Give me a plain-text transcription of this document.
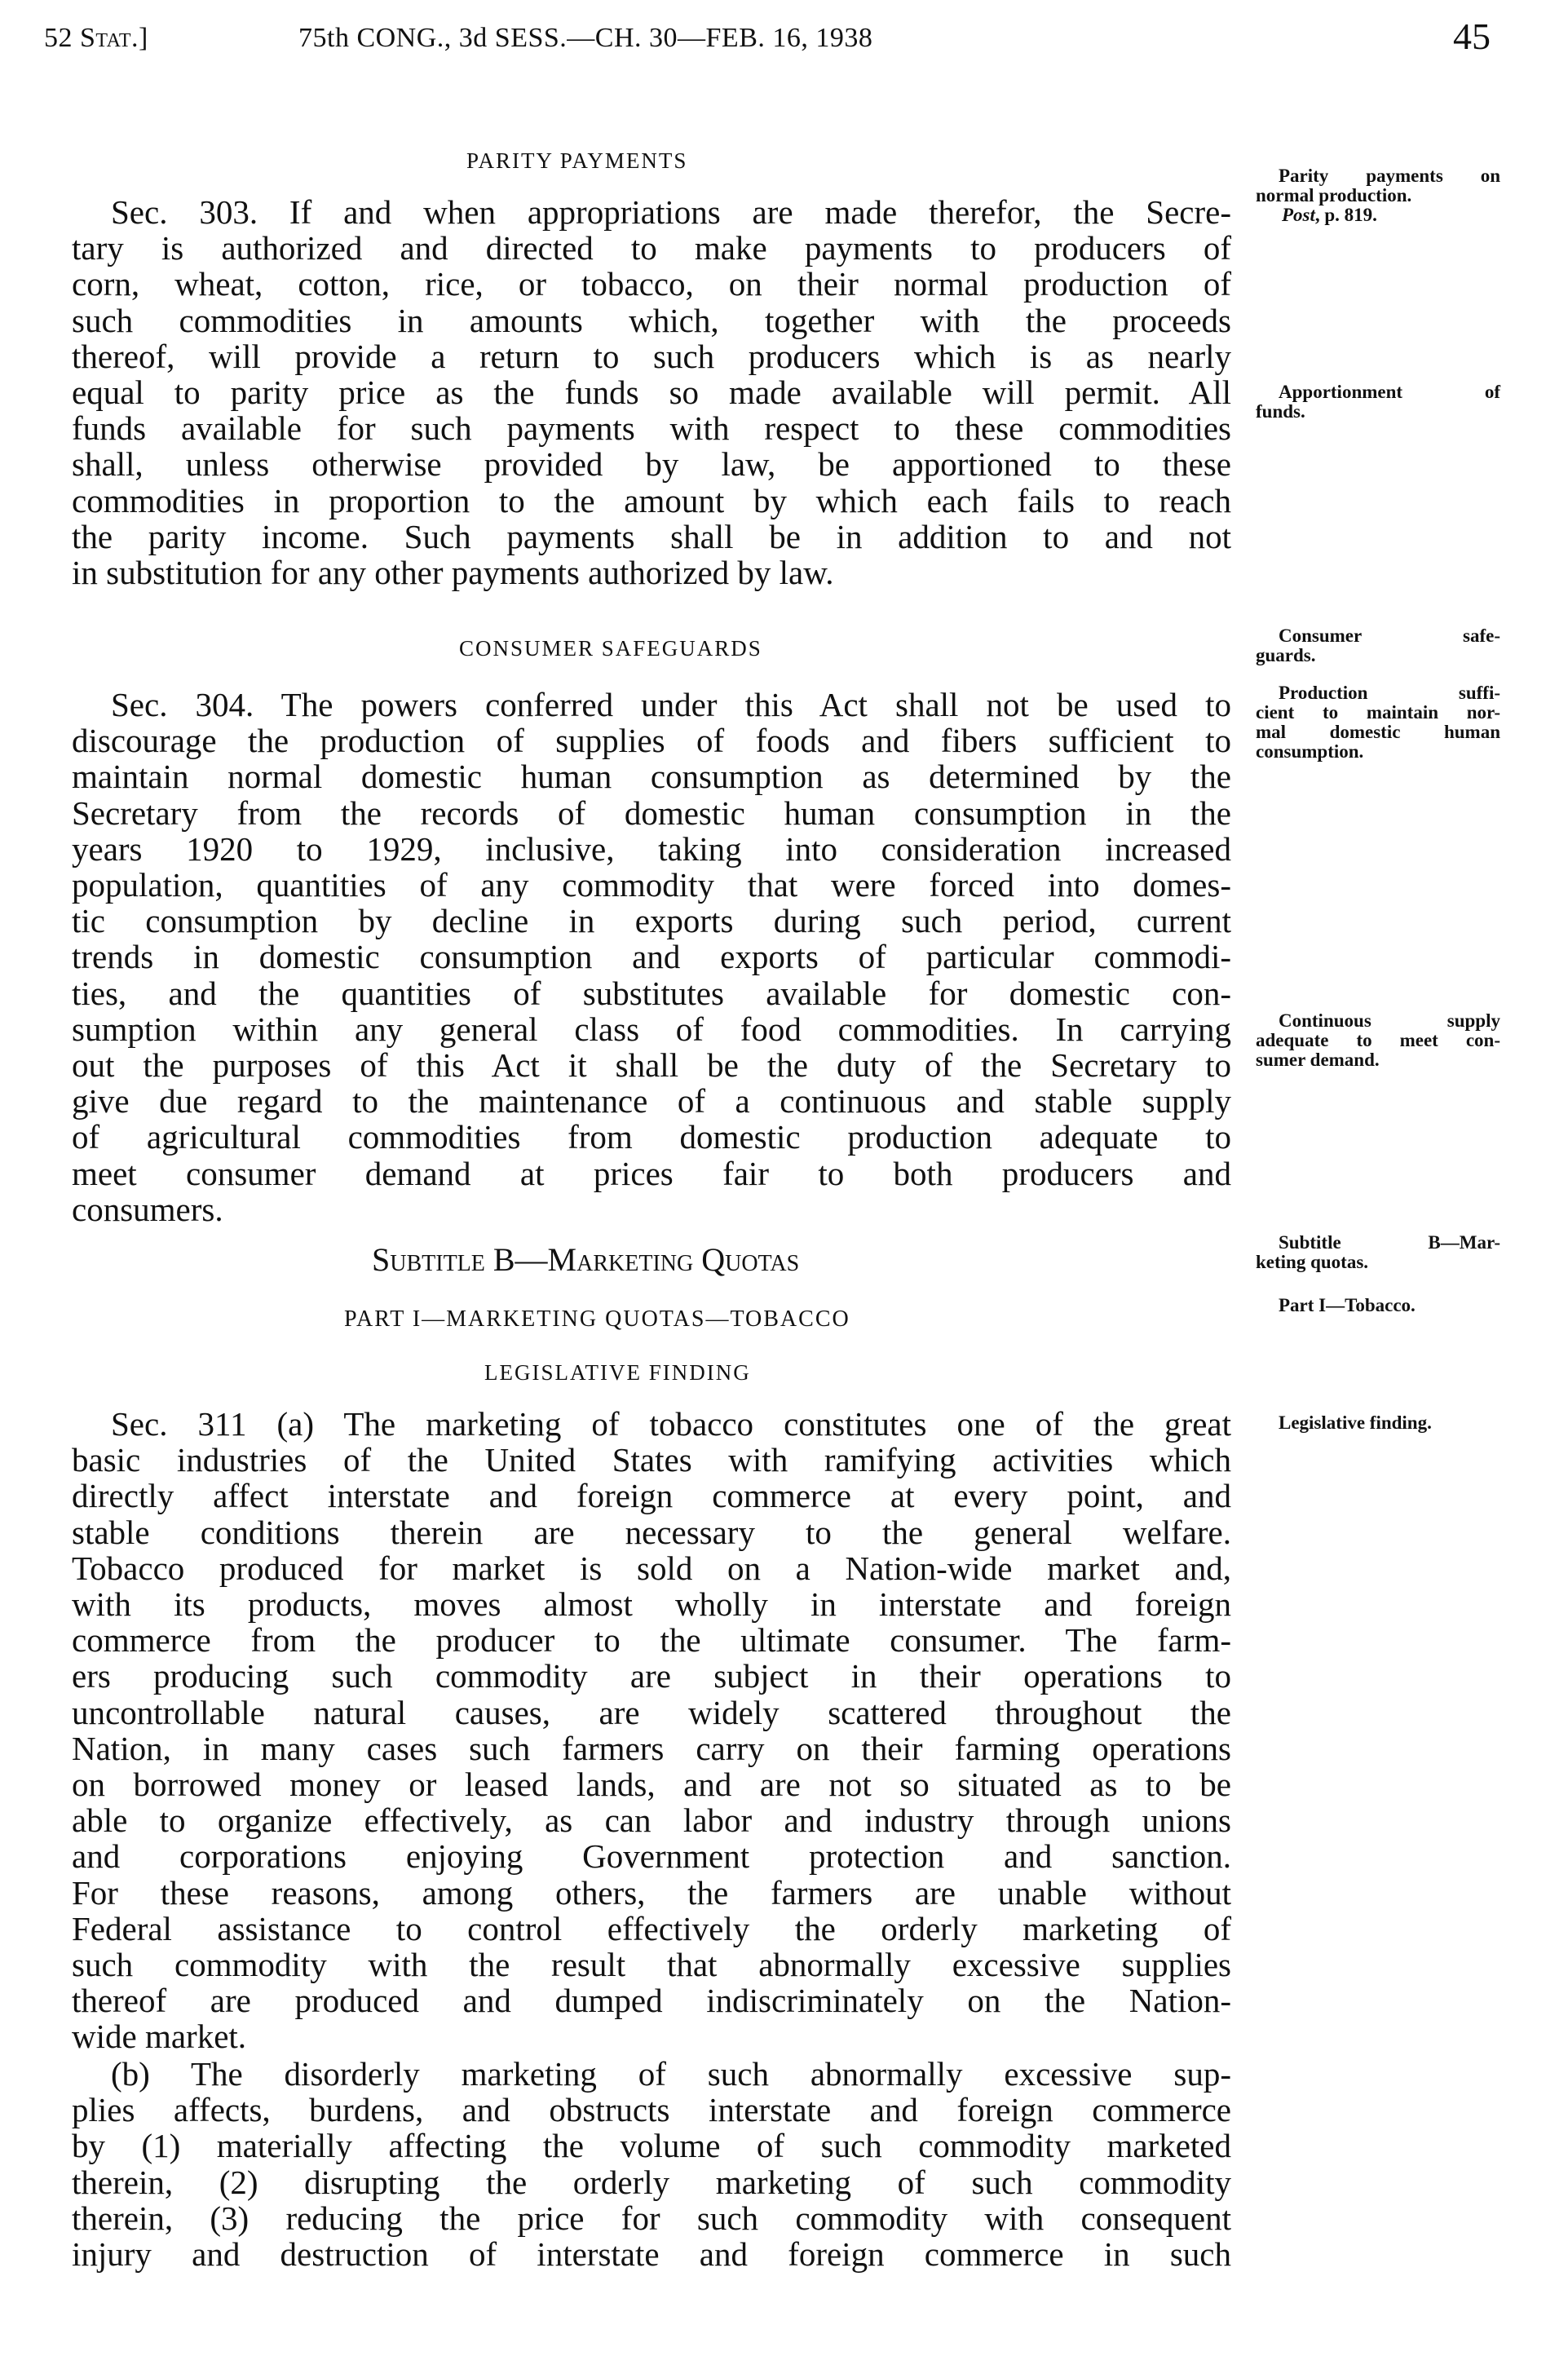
52 Stat.]	75th CONG., 3d SESS.—CH. 30—FEB. 16, 1938	45
PARITY PAYMENTS
Sec. 303. If and when appropriations are made therefor, the Secre-
tary is authorized and directed to make payments to producers of
corn, wheat, cotton, rice, or tobacco, on their normal production of
such commodities in amounts which, together with the proceeds
thereof, will provide a return to such producers which is as nearly
equal to parity price as the funds so made available will permit. All
funds available for such payments with respect to these commodities
shall, unless otherwise provided by law, be apportioned to these
commodities in proportion to the amount by which each fails to reach
the parity income. Such payments shall be in addition to and not
in substitution for any other payments authorized by law.
CONSUMER SAFEGUARDS
Sec. 304. The powers conferred under this Act shall not be used to
discourage the production of supplies of foods and fibers sufficient to
maintain normal domestic human consumption as determined by the
Secretary from the records of domestic human consumption in the
years 1920 to 1929, inclusive, taking into consideration increased
population, quantities of any commodity that were forced into domes-
tic consumption by decline in exports during such period, current
trends in domestic consumption and exports of particular commodi-
ties, and the quantities of substitutes available for domestic con-
sumption within any general class of food commodities. In carrying
out the purposes of this Act it shall be the duty of the Secretary to
give due regard to the maintenance of a continuous and stable supply
of agricultural commodities from domestic production adequate to
meet consumer demand at prices fair to both producers and
consumers.
Subtitle B—Marketing Quotas
PART I—MARKETING QUOTAS—TOBACCO
LEGISLATIVE FINDING
Sec. 311 (a) The marketing of tobacco constitutes one of the great
basic industries of the United States with ramifying activities which
directly affect interstate and foreign commerce at every point, and
stable conditions therein are necessary to the general welfare.
Tobacco produced for market is sold on a Nation-wide market and,
with its products, moves almost wholly in interstate and foreign
commerce from the producer to the ultimate consumer. The farm-
ers producing such commodity are subject in their operations to
uncontrollable natural causes, are widely scattered throughout the
Nation, in many cases such farmers carry on their farming operations
on borrowed money or leased lands, and are not so situated as to be
able to organize effectively, as can labor and industry through unions
and corporations enjoying Government protection and sanction.
For these reasons, among others, the farmers are unable without
Federal assistance to control effectively the orderly marketing of
such commodity with the result that abnormally excessive supplies
thereof are produced and dumped indiscriminately on the Nation-
wide market.
(b) The disorderly marketing of such abnormally excessive sup-
plies affects, burdens, and obstructs interstate and foreign commerce
by (1) materially affecting the volume of such commodity marketed
therein, (2) disrupting the orderly marketing of such commodity
therein, (3) reducing the price for such commodity with consequent
injury and destruction of interstate and foreign commerce in such
Parity payments on
normal production.
Post, p. 819.
Apportionment of
funds.
Consumer safe-
guards.
Production suffi-
cient to maintain nor-
mal domestic human
consumption.
Continuous supply
adequate to meet con-
sumer demand.
Subtitle B—Mar-
keting quotas.
Part I—Tobacco.
Legislative finding.
